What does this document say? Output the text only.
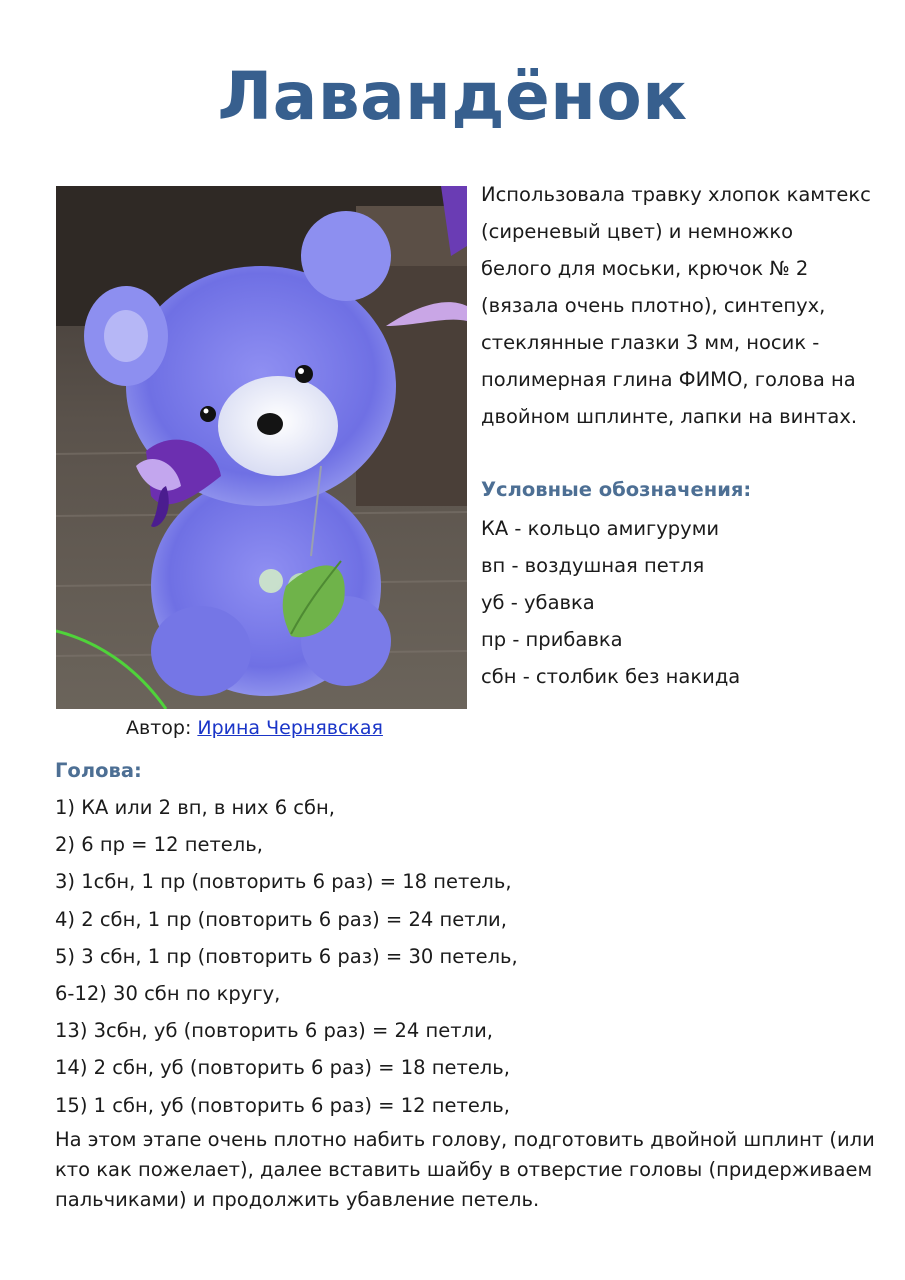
Лавандёнок
Автор: Ирина Чернявская
Использовала травку хлопок камтекс
(сиреневый цвет) и немножко
белого для моськи, крючок № 2
(вязала очень плотно), синтепух,
стеклянные глазки 3 мм, носик -
полимерная глина ФИМО, голова на
двойном шплинте, лапки на винтах.
Условные обозначения:
КА - кольцо амигуруми
вп - воздушная петля
уб - убавка
пр - прибавка
сбн - столбик без накида
Голова:
1) КА или 2 вп, в них 6 сбн,
2) 6 пр = 12 петель,
3) 1сбн, 1 пр (повторить 6 раз) = 18 петель,
4) 2 сбн, 1 пр (повторить 6 раз) = 24 петли,
5) 3 сбн, 1 пр (повторить 6 раз) = 30 петель,
6-12) 30 сбн по кругу,
13) 3сбн, уб (повторить 6 раз) = 24 петли,
14) 2 сбн, уб (повторить 6 раз) = 18 петель,
15) 1 сбн, уб (повторить 6 раз) = 12 петель,
На этом этапе очень плотно набить голову, подготовить двойной шплинт (или
кто как пожелает), далее вставить шайбу в отверстие головы (придерживаем
пальчиками) и продолжить убавление петель.
